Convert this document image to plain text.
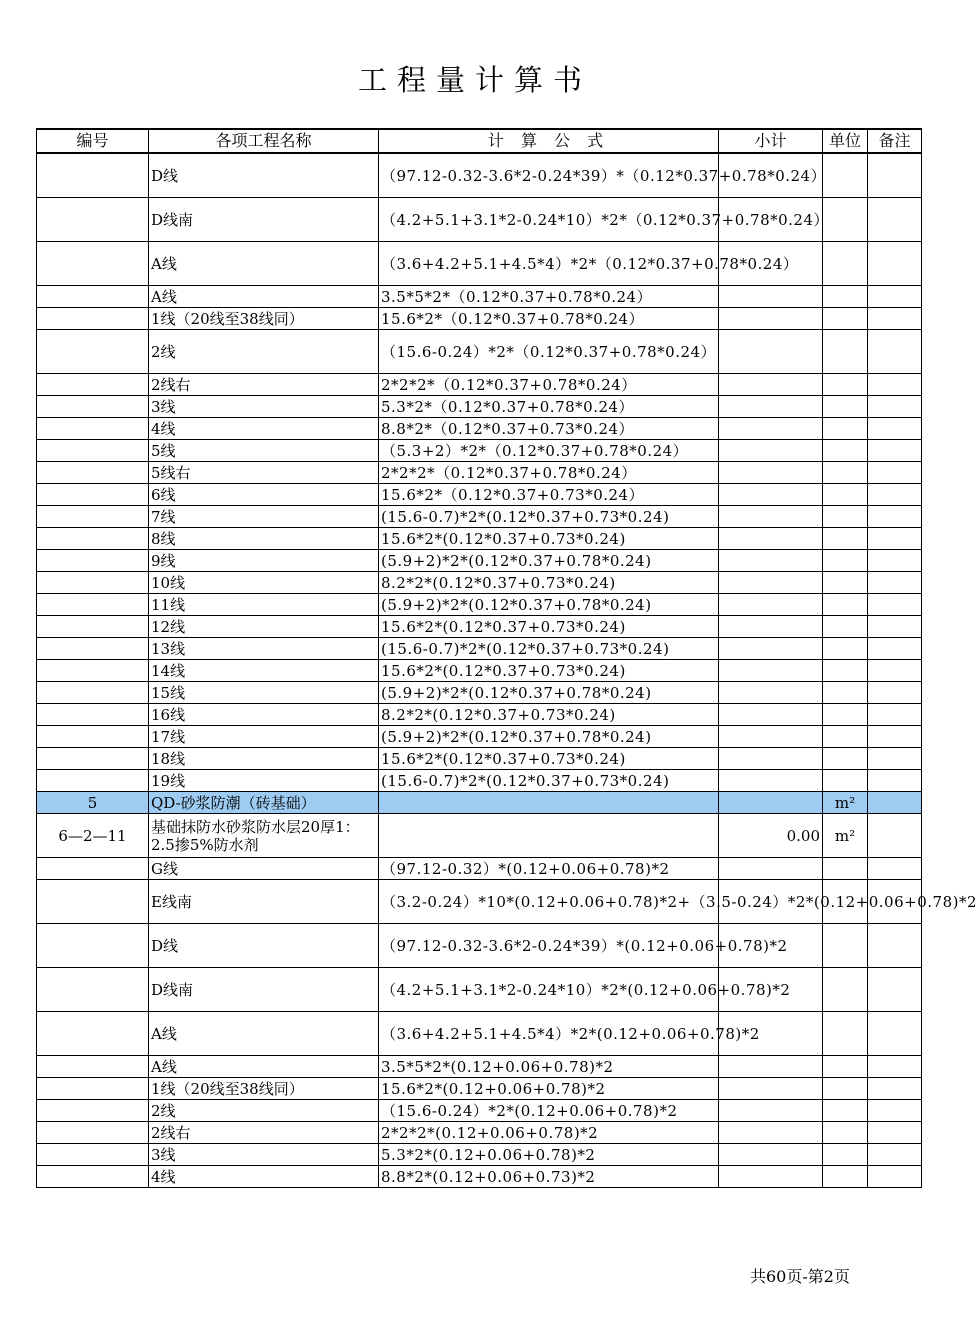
工程量计算书
编号	各项工程名称	计 算 公 式	小计	单位	备注
	D线	（97.12-0.32-3.6*2-0.24*39）*（0.12*0.37+0.78*0.24）			
	D线南	（4.2+5.1+3.1*2-0.24*10）*2*（0.12*0.37+0.78*0.24）			
	A线	（3.6+4.2+5.1+4.5*4）*2*（0.12*0.37+0.78*0.24）			
	A线	3.5*5*2*（0.12*0.37+0.78*0.24）			
	1线（20线至38线同）	15.6*2*（0.12*0.37+0.78*0.24）			
	2线	（15.6-0.24）*2*（0.12*0.37+0.78*0.24）			
	2线右	2*2*2*（0.12*0.37+0.78*0.24）			
	3线	5.3*2*（0.12*0.37+0.78*0.24）			
	4线	8.8*2*（0.12*0.37+0.73*0.24）			
	5线	（5.3+2）*2*（0.12*0.37+0.78*0.24）			
	5线右	2*2*2*（0.12*0.37+0.78*0.24）			
	6线	15.6*2*（0.12*0.37+0.73*0.24）			
	7线	(15.6-0.7)*2*(0.12*0.37+0.73*0.24)			
	8线	15.6*2*(0.12*0.37+0.73*0.24)			
	9线	(5.9+2)*2*(0.12*0.37+0.78*0.24)			
	10线	8.2*2*(0.12*0.37+0.73*0.24)			
	11线	(5.9+2)*2*(0.12*0.37+0.78*0.24)			
	12线	15.6*2*(0.12*0.37+0.73*0.24)			
	13线	(15.6-0.7)*2*(0.12*0.37+0.73*0.24)			
	14线	15.6*2*(0.12*0.37+0.73*0.24)			
	15线	(5.9+2)*2*(0.12*0.37+0.78*0.24)			
	16线	8.2*2*(0.12*0.37+0.73*0.24)			
	17线	(5.9+2)*2*(0.12*0.37+0.78*0.24)			
	18线	15.6*2*(0.12*0.37+0.73*0.24)			
	19线	(15.6-0.7)*2*(0.12*0.37+0.73*0.24)			
5	QD-砂浆防潮（砖基础）			m²	
6—2—11	基础抹防水砂浆防水层20厚1：2.5掺5%防水剂		0.00	m²	
	G线	（97.12-0.32）*(0.12+0.06+0.78)*2			
	E线南	（3.2-0.24）*10*(0.12+0.06+0.78)*2+（3.5-0.24）*2*(0.12+0.06+0.78)*2			
	D线	（97.12-0.32-3.6*2-0.24*39）*(0.12+0.06+0.78)*2			
	D线南	（4.2+5.1+3.1*2-0.24*10）*2*(0.12+0.06+0.78)*2			
	A线	（3.6+4.2+5.1+4.5*4）*2*(0.12+0.06+0.78)*2			
	A线	3.5*5*2*(0.12+0.06+0.78)*2			
	1线（20线至38线同）	15.6*2*(0.12+0.06+0.78)*2			
	2线	（15.6-0.24）*2*(0.12+0.06+0.78)*2			
	2线右	2*2*2*(0.12+0.06+0.78)*2			
	3线	5.3*2*(0.12+0.06+0.78)*2			
	4线	8.8*2*(0.12+0.06+0.73)*2			
共60页-第2页
